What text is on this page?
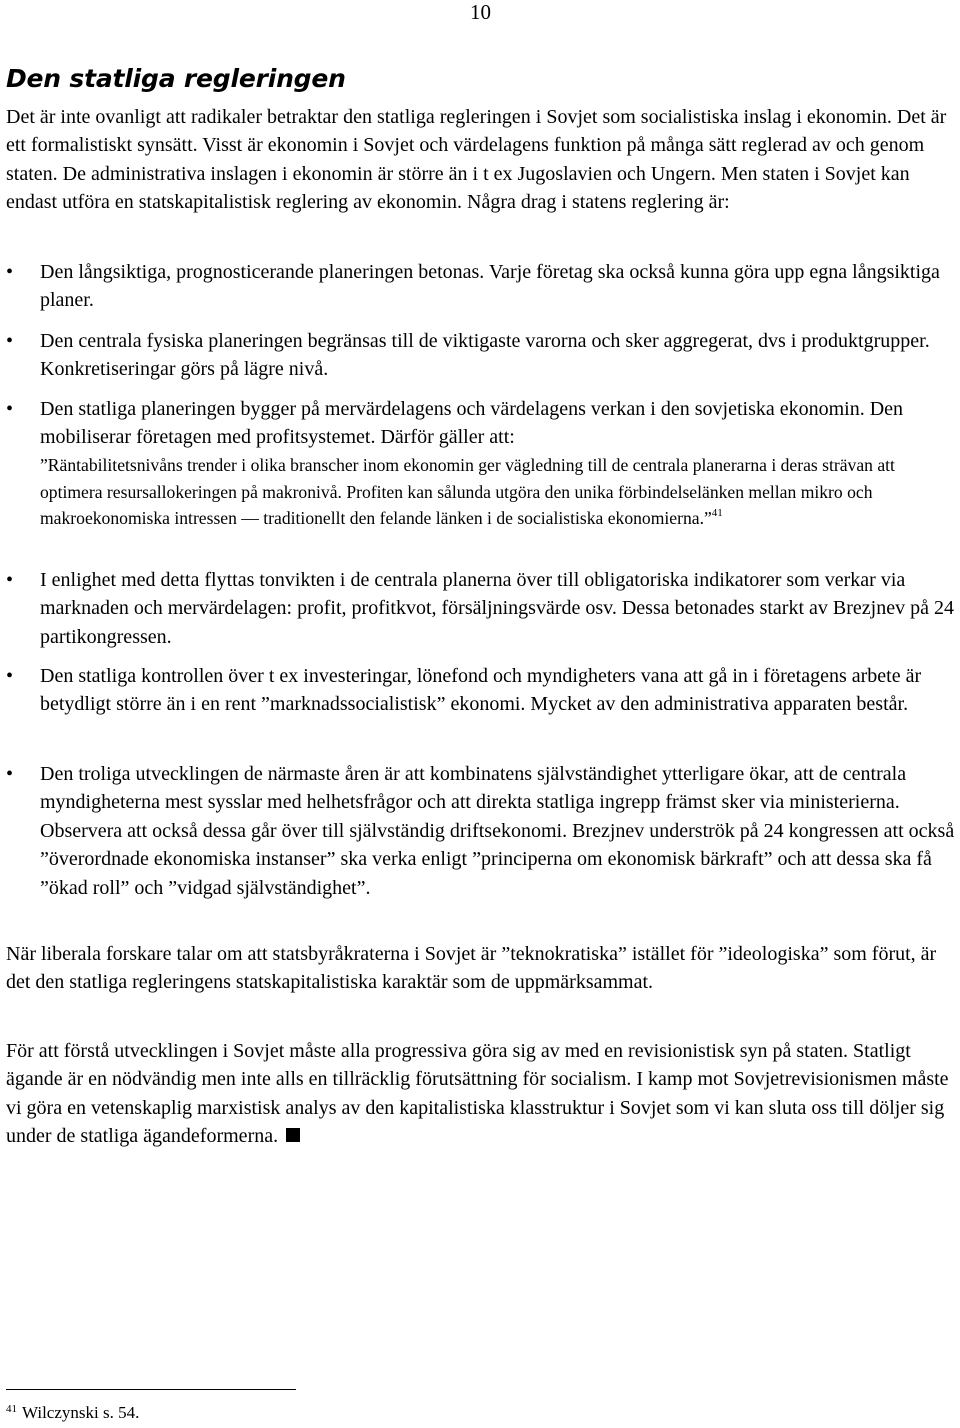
10
Den statliga regleringen

Det är inte ovanligt att radikaler betraktar den statliga regleringen i Sovjet som socialistiska inslag i ekonomin. Det är ett formalistiskt synsätt. Visst är ekonomin i Sovjet och värdelagens funktion på många sätt reglerad av och genom staten. De administrativa inslagen i ekonomin är större än i t ex Jugoslavien och Ungern. Men staten i Sovjet kan endast utföra en statskapitalistisk reglering av ekonomin. Några drag i statens reglering är:

• Den långsiktiga, prognosticerande planeringen betonas. Varje företag ska också kunna göra upp egna långsiktiga planer.
• Den centrala fysiska planeringen begränsas till de viktigaste varorna och sker aggregerat, dvs i produktgrupper. Konkretiseringar görs på lägre nivå.
• Den statliga planeringen bygger på mervärdelagens och värdelagens verkan i den sovjetiska ekonomin. Den mobiliserar företagen med profitsystemet. Därför gäller att:
”Räntabilitetsnivåns trender i olika branscher inom ekonomin ger vägledning till de centrala planerarna i deras strävan att optimera resursallokeringen på makronivå. Profiten kan sålunda utgöra den unika förbindelselänken mellan mikro och makroekonomiska intressen — traditionellt den felande länken i de socialistiska ekonomierna.”$^{41}$
• I enlighet med detta flyttas tonvikten i de centrala planerna över till obligatoriska indikatorer som verkar via marknaden och mervärdelagen: profit, profitkvot, försäljningsvärde osv. Dessa betonades starkt av Brezjnev på 24 partikongressen.
• Den statliga kontrollen över t ex investeringar, lönefond och myndigheters vana att gå in i företagens arbete är betydligt större än i en rent ”marknadssocialistisk” ekonomi. Mycket av den administrativa apparaten består.
• Den troliga utvecklingen de närmaste åren är att kombinatens självständighet ytterligare ökar, att de centrala myndigheterna mest sysslar med helhetsfrågor och att direkta statliga ingrepp främst sker via ministerierna. Observera att också dessa går över till självständig driftsekonomi. Brezjnev underströk på 24 kongressen att också ”överordnade ekonomiska instanser” ska verka enligt ”principerna om ekonomisk bärkraft” och att dessa ska få ”ökad roll” och ”vidgad självständighet”.

När liberala forskare talar om att statsbyråkraterna i Sovjet är ”teknokratiska” istället för ”ideologiska” som förut, är det den statliga regleringens statskapitalistiska karaktär som de uppmärksammat.

För att förstå utvecklingen i Sovjet måste alla progressiva göra sig av med en revisionistisk syn på staten. Statligt ägande är en nödvändig men inte alls en tillräcklig förutsättning för socialism. I kamp mot Sovjetrevisionismen måste vi göra en vetenskaplig marxistisk analys av den kapitalistiska klasstruktur i Sovjet som vi kan sluta oss till döljer sig under de statliga ägandeformerna.

$^{41}$ Wilczynski s. 54.
